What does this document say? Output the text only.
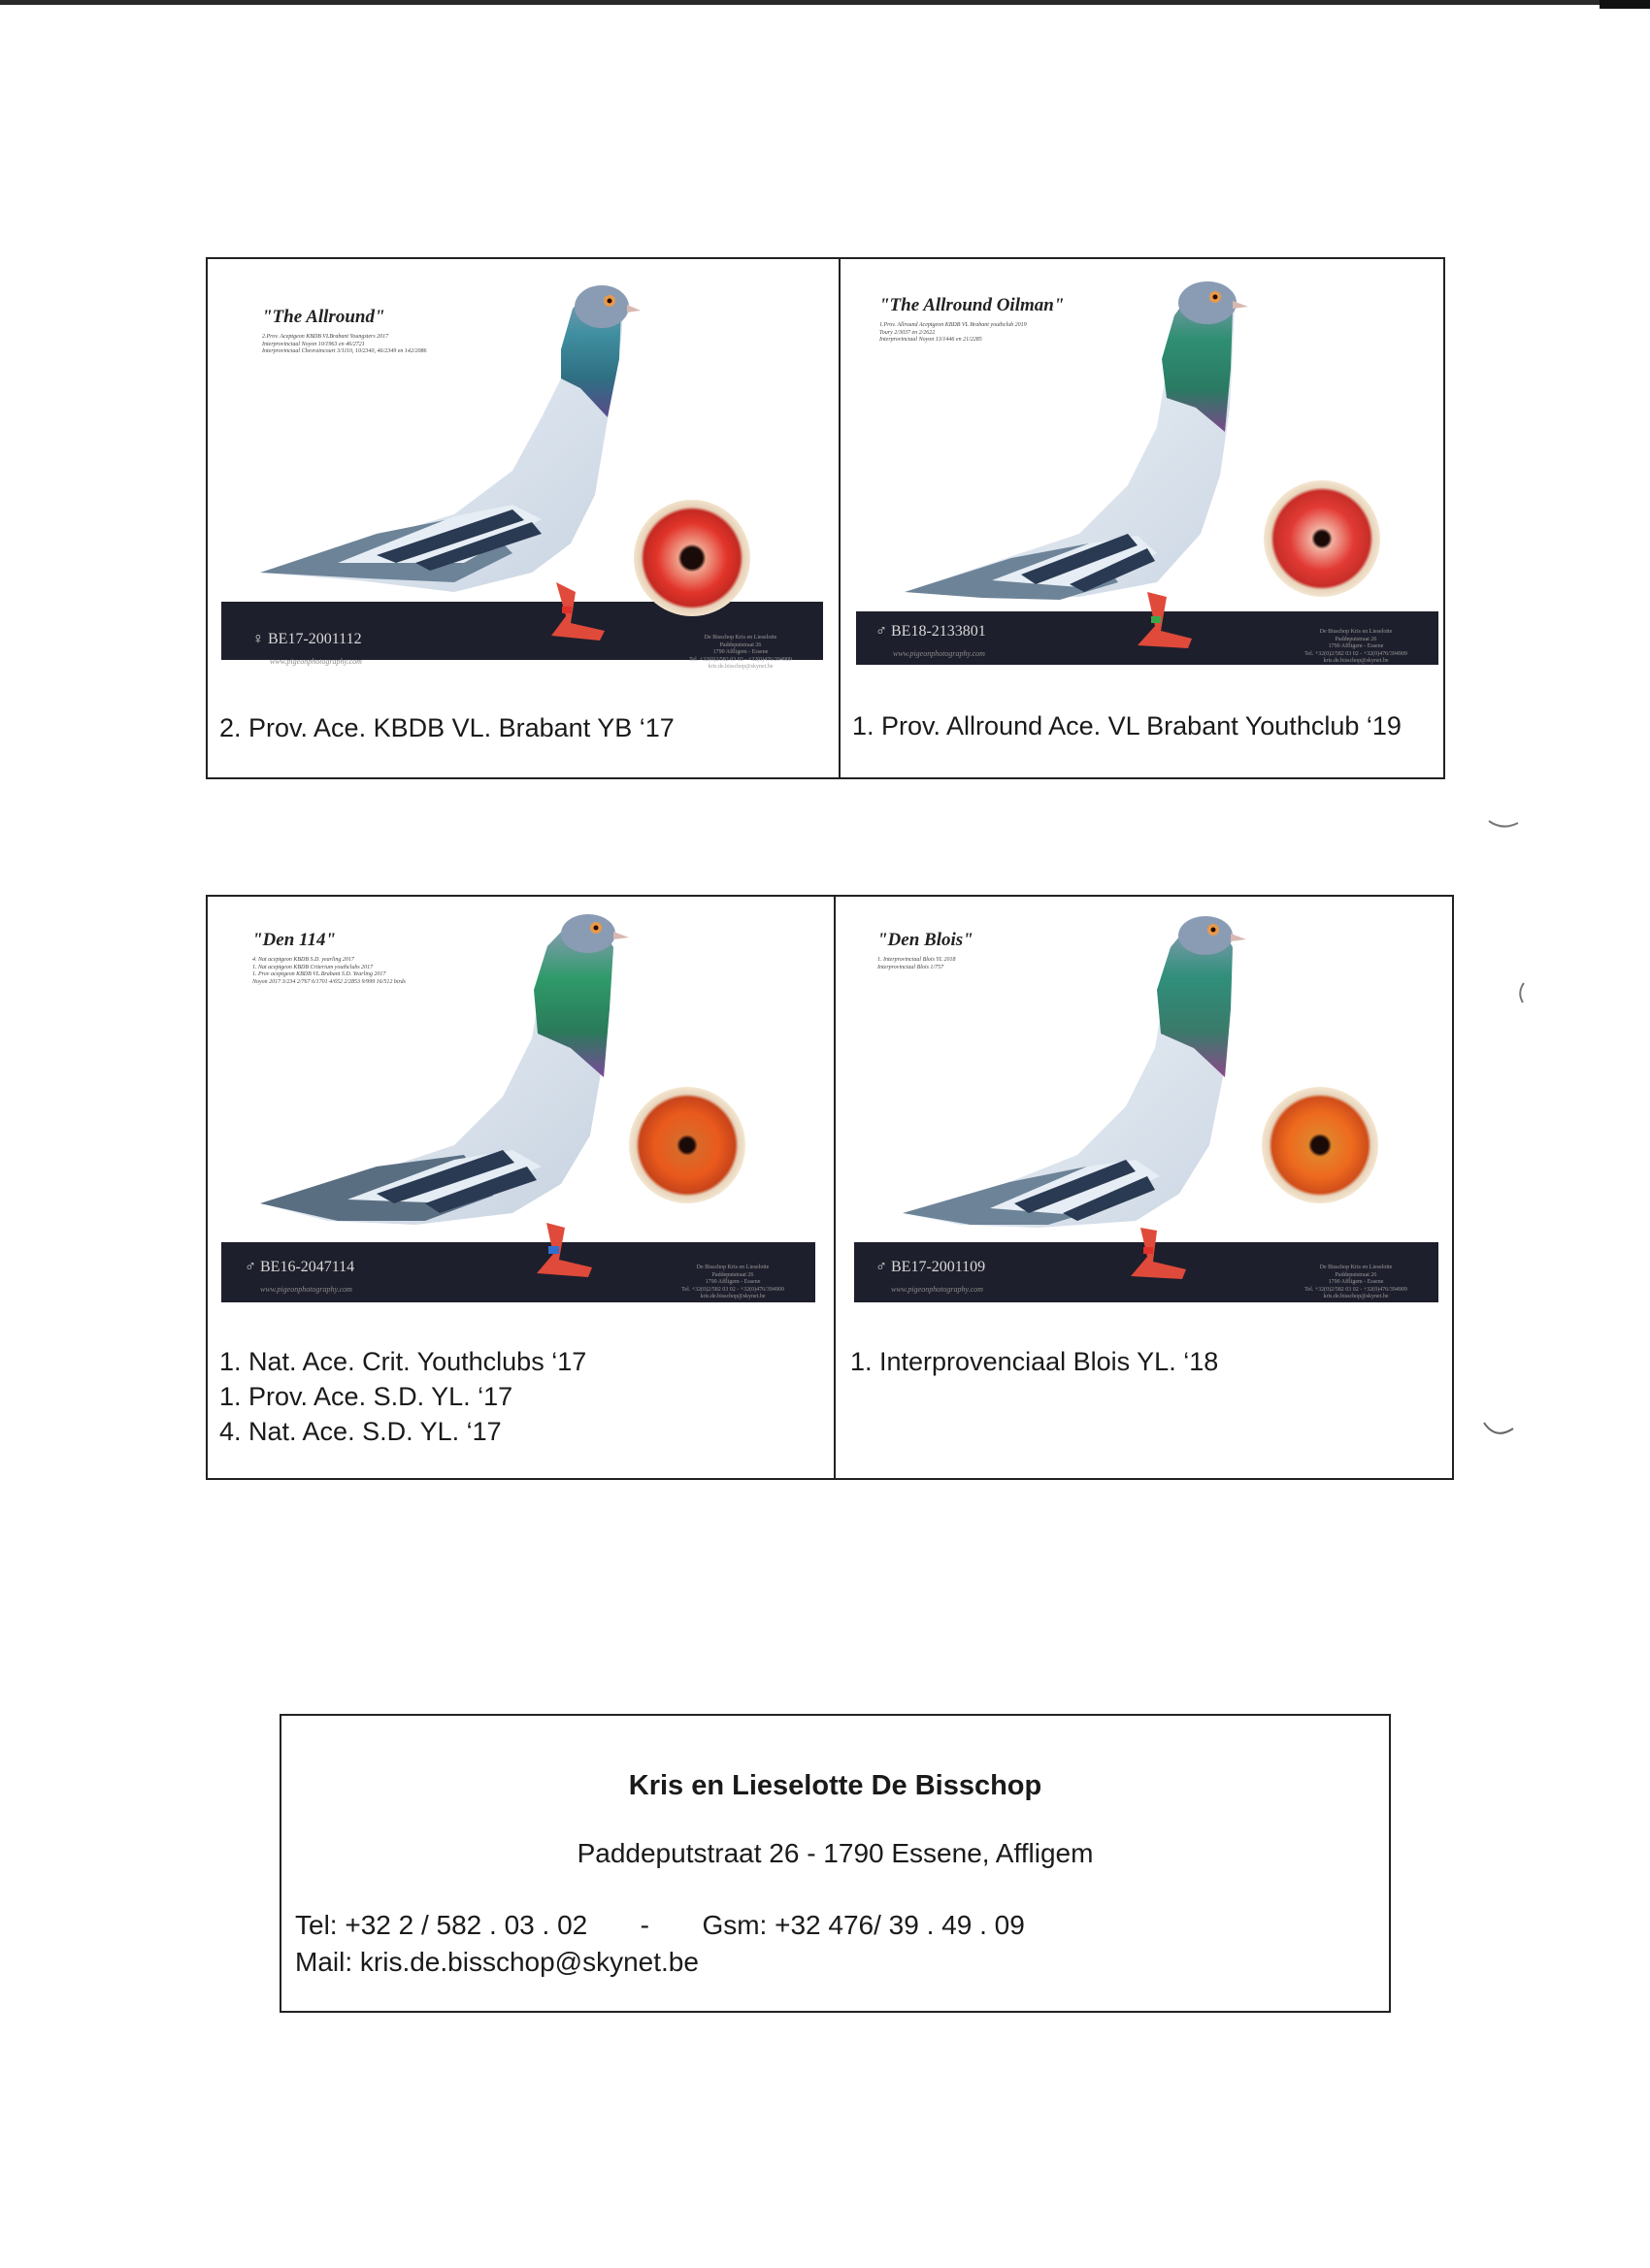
"The Allround"
2.Prov. Aceptgeon KBDB VLBrabant Youngsters 2017
Interprovinciaal Noyon 10/1963 en 46/2721
Interprovinciaal Chevraincourt 3/1110, 10/2340, 46/2349 en 142/2086
♀ BE17-2001112
www.pigeonphotography.com
De Bisschop Kris en Lieselotte
Paddeputstraat 26
1790 Affligem - Essene
Tel. +32(0)2/582 03 02 - +32(0)476/394909
kris.de.bisschop@skynet.be
2. Prov. Ace. KBDB VL. Brabant YB ‘17
"The Allround Oilman"
1.Prov. Allround Aceptgeon KBDB VL Brabant youthclub 2019
Toury 2/3037 en 2/2622
Interprovinciaal Noyon 13/1446 en 21/2285
♂ BE18-2133801
www.pigeonphotography.com
De Bisschop Kris en Lieselotte
Paddeputstraat 26
1790 Affligem - Essene
Tel. +32(0)2/582 03 02 - +32(0)476/394909
kris.de.bisschop@skynet.be
1. Prov. Allround Ace. VL Brabant Youthclub ‘19
"Den 114"
4. Nat aceptgeon KBDB S.D. yearling 2017
1. Nat aceptgeon KBDB Criterium youthclubs 2017
1. Prov aceptgeon KBDB VL.Brabant S.D. Yearling 2017
Noyon 2017 3/234 2/767 6/1701 4/652 2/2853 9/999 16/512 birds
♂ BE16-2047114
www.pigeonphotography.com
De Bisschop Kris en Lieselotte
Paddeputstraat 26
1790 Affligem - Essene
Tel. +32(0)2/582 03 02 - +32(0)476/394909
kris.de.bisschop@skynet.be
1. Nat. Ace. Crit. Youthclubs ‘17
1. Prov. Ace. S.D. YL. ‘17
4. Nat. Ace. S.D. YL. ‘17
"Den Blois"
1. Interprovinciaal Blois YL 2018
Interprovinciaal Blois 1/757
♂ BE17-2001109
www.pigeonphotography.com
De Bisschop Kris en Lieselotte
Paddeputstraat 26
1790 Affligem - Essene
Tel. +32(0)2/582 03 02 - +32(0)476/394909
kris.de.bisschop@skynet.be
1. Interprovenciaal Blois YL. ‘18
Kris en Lieselotte De Bisschop
Paddeputstraat 26 - 1790 Essene, Affligem
Tel: +32 2 / 582 . 03 . 02       -       Gsm: +32 476/ 39 . 49 . 09
Mail: kris.de.bisschop@skynet.be
